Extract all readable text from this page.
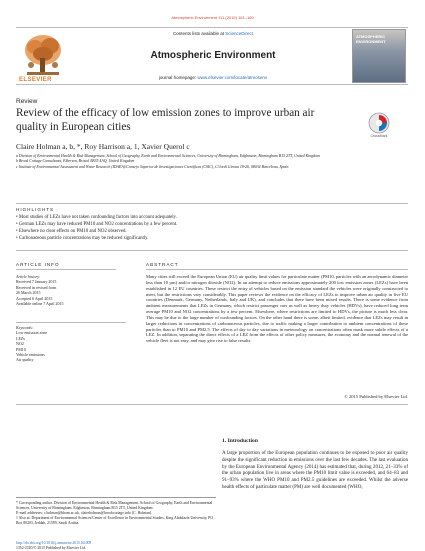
Atmospheric Environment 111 (2015) 161–169
ELSEVIER
Contents lists available at ScienceDirect
Atmospheric Environment
journal homepage: www.elsevier.com/locate/atmosenv
ATMOSPHERIC ENVIRONMENT
Review
Review of the efficacy of low emission zones to improve urban air quality in European cities
CrossMark
Claire Holman a, b, *, Roy Harrison a, 1, Xavier Querol c
a Division of Environmental Health & Risk Management, School of Geography, Earth and Environmental Sciences, University of Birmingham, Edgbaston, Birmingham B15 2TT, United Kingdom
b Brook Cottage Consultants, Elberton, Bristol BS35 4AQ, United Kingdom
c Institute of Environmental Assessment and Water Research (IDAEA)/Consejo Superior de Investigaciones Cientificas (CSIC), C/Jordi Girona 18-26, 08034 Barcelona, Spain
HIGHLIGHTS
• Most studies of LEZs have not taken confounding factors into account adequately.
• German LEZs may have reduced PM10 and NO2 concentrations by a few percent.
• Elsewhere no clear effects on PM10 and NO2 observed.
• Carbonaceous particle concentrations may be reduced significantly.
ARTICLE INFO
Article history:
Received 7 January 2015
Received in revised form
26 March 2015
Accepted 6 April 2015
Available online 7 April 2015
Keywords:
Low emission zone
LEZs
NO2
PM10
Vehicle emissions
Air quality
ABSTRACT
Many cities still exceed the European Union (EU) air quality limit values for particulate matter (PM10, particles with an aerodynamic diameter less than 10 µm) and/or nitrogen dioxide (NO2). In an attempt to reduce emissions approximately 200 low emission zones (LEZs) have been established in 12 EU countries. These restrict the entry of vehicles based on the emission standard the vehicles were originally constructed to meet, but the restrictions vary considerably. This paper reviews the evidence on the efficacy of LEZs to improve urban air quality in five EU countries (Denmark, Germany, Netherlands, Italy and UK), and concludes that there have been mixed results. There is some evidence from ambient measurements that LEZs in Germany, which restrict passenger cars as well as heavy duty vehicles (HDVs), have reduced long term average PM10 and NO2 concentrations by a few percent. Elsewhere, where restrictions are limited to HDVs, the picture is much less clear. This may be due to the large number of confounding factors. On the other hand there is some, albeit limited, evidence that LEZs may result in larger reductions in concentrations of carbonaceous particles, due to traffic making a larger contribution to ambient concentrations of these particles than to PM10 and PM2.5. The effects of day to day variations in meteorology on concentrations often mask more subtle effects of a LEZ. In addition, separating the direct effects of a LEZ from the effects of other policy measures, the economy and the normal renewal of the vehicle fleet is not easy, and may give rise to false results.
© 2015 Published by Elsevier Ltd.
* Corresponding author. Division of Environmental Health & Risk Management, School of Geography, Earth and Environmental Sciences, University of Birmingham, Edgbaston, Birmingham B15 2TT, United Kingdom.
E-mail addresses: c.holman@bham.ac.uk, claireholman@brookcottage.info (C. Holman).
1 Also at: Department of Environmental Sciences/Center of Excellence in Environmental Studies, King Abdulaziz University, PO Box 80203, Jeddah, 21589, Saudi Arabia.
http://dx.doi.org/10.1016/j.atmosenv.2015.04.009
1352-2310/© 2015 Published by Elsevier Ltd.
1. Introduction
A large proportion of the European population continues to be exposed to poor air quality despite the significant reduction in emissions over the last few decades. The last evaluation by the European Environmental Agency (2014) has estimated that, during 2012, 21–33% of the urban population live in areas where the PM10 limit value is exceeded, and 64–83 and 91–93% where the WHO PM10 and PM2.5 guidelines are exceeded. Whilst the adverse health effects of particulate matter (PM) are well documented (WHO,
